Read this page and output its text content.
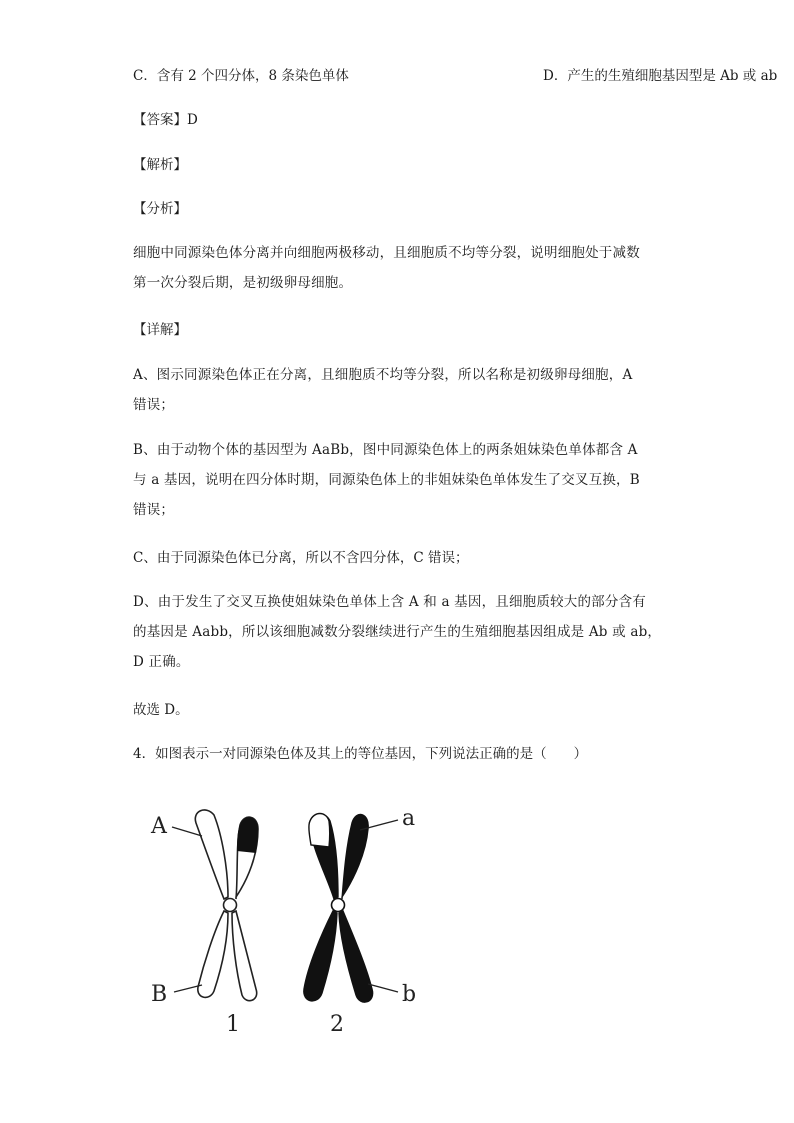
C．含有 2 个四分体，8 条染色单体	D．产生的生殖细胞基因型是 Ab 或 ab
【答案】D
【解析】
【分析】
细胞中同源染色体分离并向细胞两极移动，且细胞质不均等分裂，说明细胞处于减数
第一次分裂后期，是初级卵母细胞。
【详解】
A、图示同源染色体正在分离，且细胞质不均等分裂，所以名称是初级卵母细胞，A
错误；
B、由于动物个体的基因型为 AaBb，图中同源染色体上的两条姐妹染色单体都含 A
与 a 基因，说明在四分体时期，同源染色体上的非姐妹染色单体发生了交叉互换，B
错误；
C、由于同源染色体已分离，所以不含四分体，C 错误；
D、由于发生了交叉互换使姐妹染色单体上含 A 和 a 基因，且细胞质较大的部分含有
的基因是 Aabb，所以该细胞减数分裂继续进行产生的生殖细胞基因组成是 Ab 或 ab，
D 正确。
故选 D。
4．如图表示一对同源染色体及其上的等位基因，下列说法正确的是（　　）
A
B
a
b
1	2
